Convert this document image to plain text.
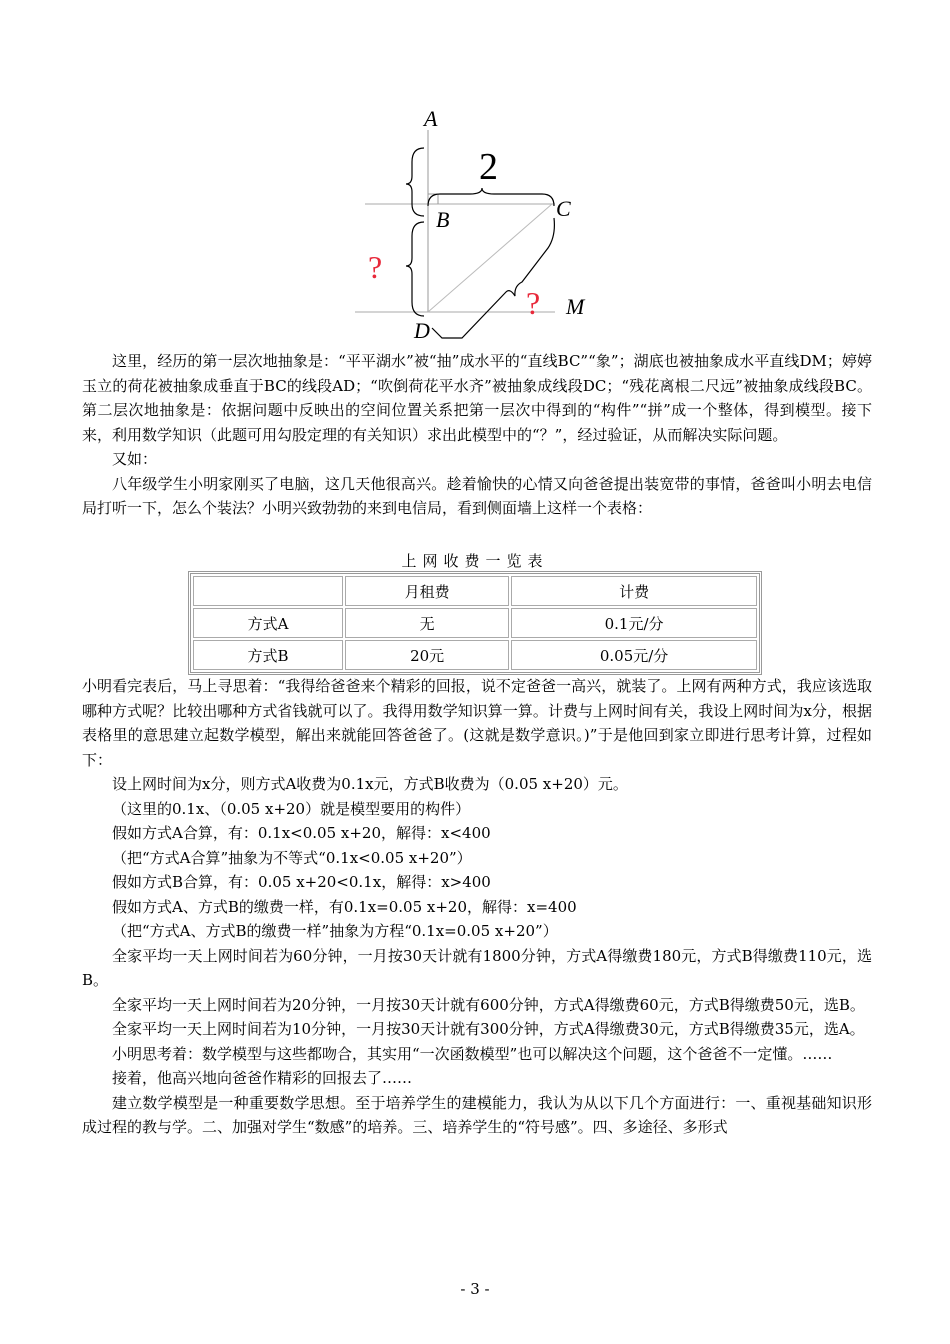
A
2
B	C
M
D
?
?

这里，经历的第一层次地抽象是：“平平湖水”被“抽”成水平的“直线BC”“象”；湖底也被抽象成水平直线DM；婷婷玉立的荷花被抽象成垂直于BC的线段AD；“吹倒荷花平水齐”被抽象成线段DC；“残花离根二尺远”被抽象成线段BC。第二层次地抽象是：依据问题中反映出的空间位置关系把第一层次中得到的“构件”“拼”成一个整体，得到模型。接下来，利用数学知识（此题可用勾股定理的有关知识）求出此模型中的“？”，经过验证，从而解决实际问题。

又如：

八年级学生小明家刚买了电脑，这几天他很高兴。趁着愉快的心情又向爸爸提出装宽带的事情，爸爸叫小明去电信局打听一下，怎么个装法？小明兴致勃勃的来到电信局，看到侧面墙上这样一个表格：

上网收费一览表
	月租费	计费
方式A	无	0.1元/分
方式B	20元	0.05元/分

小明看完表后，马上寻思着：“我得给爸爸来个精彩的回报，说不定爸爸一高兴，就装了。上网有两种方式，我应该选取哪种方式呢？比较出哪种方式省钱就可以了。我得用数学知识算一算。计费与上网时间有关，我设上网时间为x分，根据表格里的意思建立起数学模型，解出来就能回答爸爸了。(这就是数学意识。)”于是他回到家立即进行思考计算，过程如下：

设上网时间为x分，则方式A收费为0.1x元，方式B收费为（0.05 x+20）元。

（这里的0.1x、（0.05 x+20）就是模型要用的构件）

假如方式A合算，有：0.1x<0.05 x+20，解得：x<400

（把“方式A合算”抽象为不等式“0.1x<0.05 x+20”）

假如方式B合算，有：0.05 x+20<0.1x，解得：x>400

假如方式A、方式B的缴费一样，有0.1x=0.05 x+20，解得：x=400

（把“方式A、方式B的缴费一样”抽象为方程“0.1x=0.05 x+20”）

全家平均一天上网时间若为60分钟，一月按30天计就有1800分钟，方式A得缴费180元，方式B得缴费110元，选B。

全家平均一天上网时间若为20分钟，一月按30天计就有600分钟，方式A得缴费60元，方式B得缴费50元，选B。

全家平均一天上网时间若为10分钟，一月按30天计就有300分钟，方式A得缴费30元，方式B得缴费35元，选A。

小明思考着：数学模型与这些都吻合，其实用“一次函数模型”也可以解决这个问题，这个爸爸不一定懂。……

接着，他高兴地向爸爸作精彩的回报去了……

建立数学模型是一种重要数学思想。至于培养学生的建模能力，我认为从以下几个方面进行：一、重视基础知识形成过程的教与学。二、加强对学生“数感”的培养。三、培养学生的“符号感”。四、多途径、多形式

- 3 -
